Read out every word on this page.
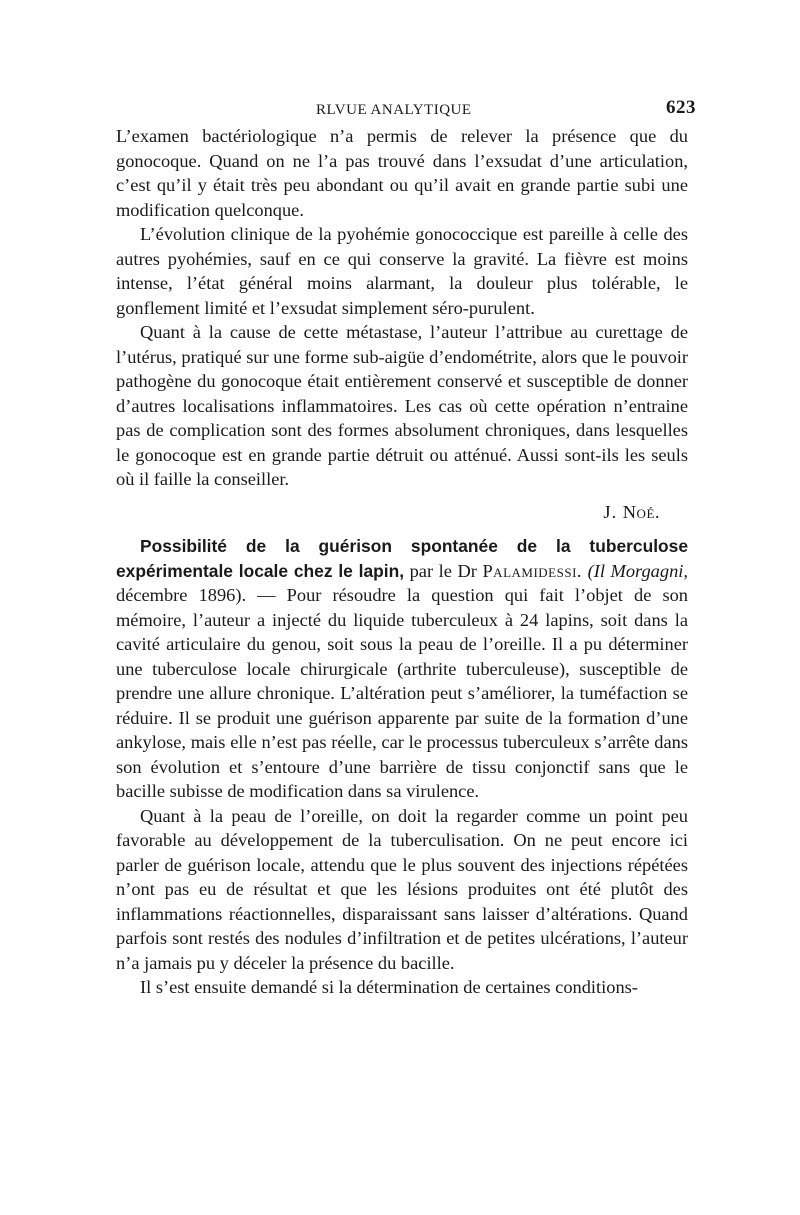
RLVUE ANALYTIQUE	623

L’examen bactériologique n’a permis de relever la présence que du gonocoque. Quand on ne l’a pas trouvé dans l’exsudat d’une articulation, c’est qu’il y était très peu abondant ou qu’il avait en grande partie subi une modification quelconque.

L’évolution clinique de la pyohémie gonococcique est pareille à celle des autres pyohémies, sauf en ce qui conserve la gravité. La fièvre est moins intense, l’état général moins alarmant, la douleur plus tolérable, le gonflement limité et l’exsudat simplement séro-purulent.

Quant à la cause de cette métastase, l’auteur l’attribue au curettage de l’utérus, pratiqué sur une forme sub-aigüe d’endométrite, alors que le pouvoir pathogène du gonocoque était entièrement conservé et susceptible de donner d’autres localisations inflammatoires. Les cas où cette opération n’entraine pas de complication sont des formes absolument chroniques, dans lesquelles le gonocoque est en grande partie détruit ou atténué. Aussi sont-ils les seuls où il faille la conseiller.

J. Noé.

Possibilité de la guérison spontanée de la tuberculose expérimentale locale chez le lapin, par le Dr Palamidessi. (Il Morgagni, décembre 1896). — Pour résoudre la question qui fait l’objet de son mémoire, l’auteur a injecté du liquide tuberculeux à 24 lapins, soit dans la cavité articulaire du genou, soit sous la peau de l’oreille. Il a pu déterminer une tuberculose locale chirurgicale (arthrite tuberculeuse), susceptible de prendre une allure chronique. L’altération peut s’améliorer, la tuméfaction se réduire. Il se produit une guérison apparente par suite de la formation d’une ankylose, mais elle n’est pas réelle, car le processus tuberculeux s’arrête dans son évolution et s’entoure d’une barrière de tissu conjonctif sans que le bacille subisse de modification dans sa virulence.

Quant à la peau de l’oreille, on doit la regarder comme un point peu favorable au développement de la tuberculisation. On ne peut encore ici parler de guérison locale, attendu que le plus souvent des injections répétées n’ont pas eu de résultat et que les lésions produites ont été plutôt des inflammations réactionnelles, disparaissant sans laisser d’altérations. Quand parfois sont restés des nodules d’infiltration et de petites ulcérations, l’auteur n’a jamais pu y déceler la présence du bacille.

Il s’est ensuite demandé si la détermination de certaines conditions-
